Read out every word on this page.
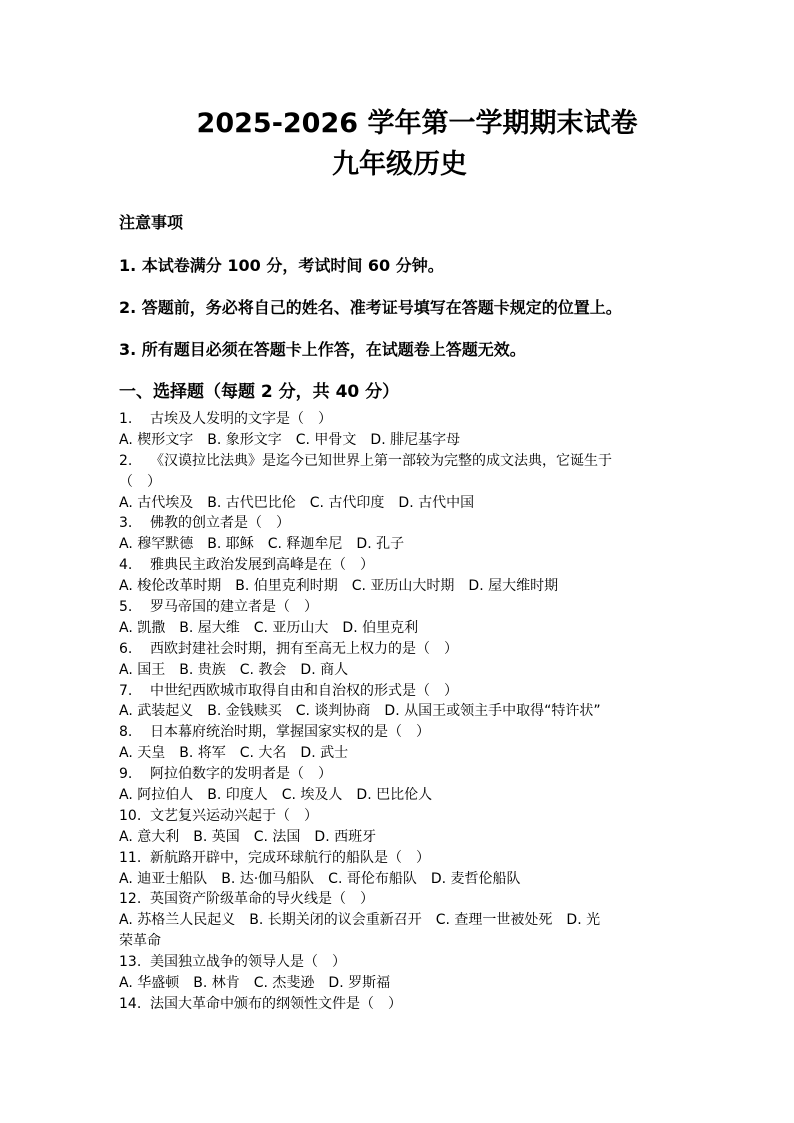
2025-2026 学年第一学期期末试卷
九年级历史
注意事项
1. 本试卷满分 100 分，考试时间 60 分钟。
2. 答题前，务必将自己的姓名、准考证号填写在答题卡规定的位置上。
3. 所有题目必须在答题卡上作答，在试题卷上答题无效。
一、选择题（每题 2 分，共 40 分）
1. 古埃及人发明的文字是（　）
A. 楔形文字　B. 象形文字　C. 甲骨文　D. 腓尼基字母
2. 《汉谟拉比法典》是迄今已知世界上第一部较为完整的成文法典，它诞生于
（　）
A. 古代埃及　B. 古代巴比伦　C. 古代印度　D. 古代中国
3. 佛教的创立者是（　）
A. 穆罕默德　B. 耶稣　C. 释迦牟尼　D. 孔子
4. 雅典民主政治发展到高峰是在（　）
A. 梭伦改革时期　B. 伯里克利时期　C. 亚历山大时期　D. 屋大维时期
5. 罗马帝国的建立者是（　）
A. 凯撒　B. 屋大维　C. 亚历山大　D. 伯里克利
6. 西欧封建社会时期，拥有至高无上权力的是（　）
A. 国王　B. 贵族　C. 教会　D. 商人
7. 中世纪西欧城市取得自由和自治权的形式是（　）
A. 武装起义　B. 金钱赎买　C. 谈判协商　D. 从国王或领主手中取得“特许状”
8. 日本幕府统治时期，掌握国家实权的是（　）
A. 天皇　B. 将军　C. 大名　D. 武士
9. 阿拉伯数字的发明者是（　）
A. 阿拉伯人　B. 印度人　C. 埃及人　D. 巴比伦人
10. 文艺复兴运动兴起于（　）
A. 意大利　B. 英国　C. 法国　D. 西班牙
11. 新航路开辟中，完成环球航行的船队是（　）
A. 迪亚士船队　B. 达·伽马船队　C. 哥伦布船队　D. 麦哲伦船队
12. 英国资产阶级革命的导火线是（　）
A. 苏格兰人民起义　B. 长期关闭的议会重新召开　C. 查理一世被处死　D. 光
荣革命
13. 美国独立战争的领导人是（　）
A. 华盛顿　B. 林肯　C. 杰斐逊　D. 罗斯福
14. 法国大革命中颁布的纲领性文件是（　）
